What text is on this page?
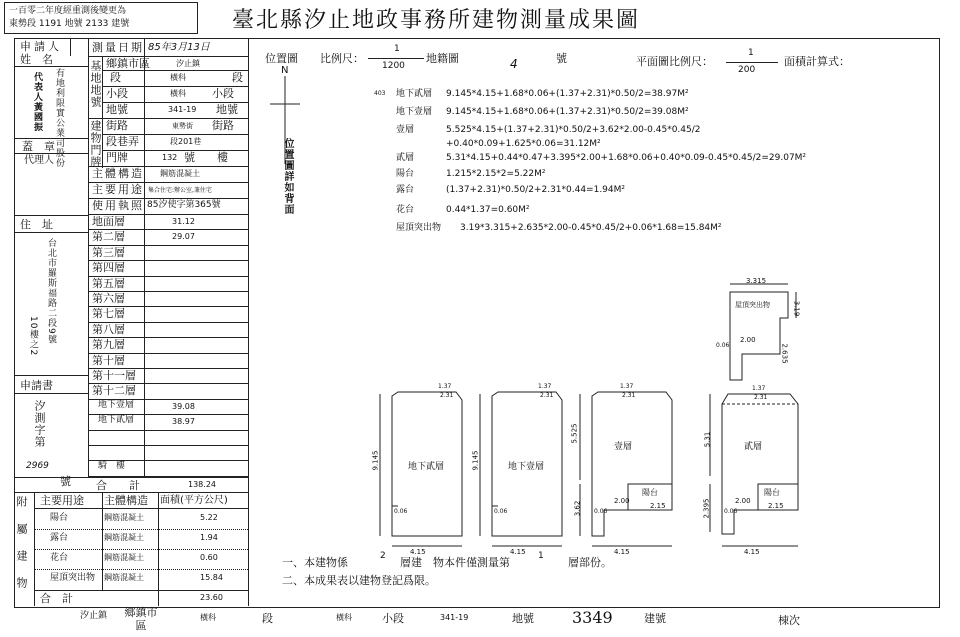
一百零二年度經重測後變更為
東勢段 1191 地號 2133 建號	臺北縣汐止地政事務所建物測量成果圖
申請人
姓　名
有地利限實公業司股份
代表人黃國振
蓋　章
代理人
住　址
台北市羅斯福路二段9號
10樓之2
申請書
汐測字第
2969
號
測量日期 85年3月13日
基地地號 鄉鎮市區	汐止鎮
段	橫科	段
小段	橫科 小段
地號	341-19 地號
建物門牌 街路	東勢街 街路
段巷弄	段201巷
門牌	132 號　　樓
主體構造 鋼筋混凝土
主要用途 集合住宅:辦公室,兼住宅
使用執照 85汐使字第365號
地面層	31.12
第二層	29.07
第三層
第四層
第五層
第六層
第七層
第八層
第九層
第十層
第十一層
第十二層
地下壹層	39.08
地下貳層	38.97
騎　樓
合　　計	138.24
附屬建物 主要用途 主體構造 面積(平方公尺)
陽台	鋼筋混凝土	5.22
露台	鋼筋混凝土	1.94
花台	鋼筋混凝土	0.60
屋頂突出物 鋼筋混凝土	15.84
合　計	23.60
位置圖 比例尺：
1
1200
地籍圖	4	號	平面圖比例尺：
1
200
面積計算式：
N
位置圖詳如背面
403 地下貳層 9.145*4.15+1.68*0.06+(1.37+2.31)*0.50/2=38.97M²
地下壹層 9.145*4.15+1.68*0.06+(1.37+2.31)*0.50/2=39.08M²
壹層	5.525*4.15+(1.37+2.31)*0.50/2+3.62*2.00-0.45*0.45/2
+0.40*0.09+1.625*0.06=31.12M²
貳層	5.31*4.15+0.44*0.47+3.395*2.00+1.68*0.06+0.40*0.09-0.45*0.45/2=29.07M²
陽台	1.215*2.15*2=5.22M²
露台	(1.37+2.31)*0.50/2+2.31*0.44=1.94M²
花台	0.44*1.37=0.60M²
屋頂突出物 3.19*3.315+2.635*2.00-0.45*0.45/2+0.06*1.68=15.84M²
地下貳層	地下壹層
壹層	貳層
陽台	陽台
屋頂突出物
9.145	9.145
4.15	4.15	4.15	4.15
5.525
3.62
5.31
2.395
2.00
2.15
2.00
2.15
3.315
3.19
2.635
2.00
1.37
2.31
1.37
2.31
1.37
2.31
1.37
2.31
0.06	0.06	0.06	0.06
0.06
一、本建物係	2 層建　物本件僅測量第	1 層部份。
二、本成果表以建物登記爲限。
汐止鎮 鄉鎮市區
橫科	段	橫科	小段	341-19	地號 3349	建號	棟次
